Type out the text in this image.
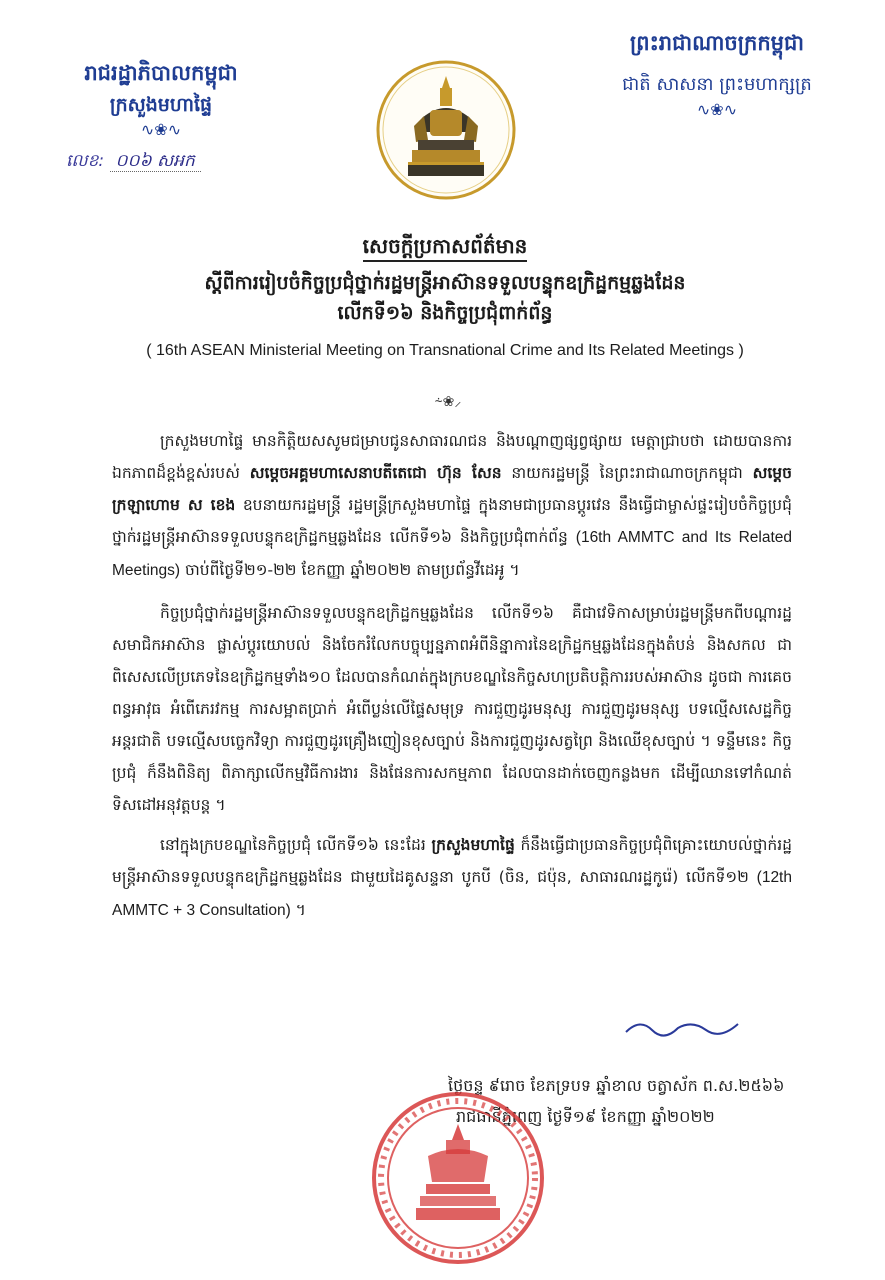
រាជរដ្ឋាភិបាលកម្ពុជា
ក្រសួងមហាផ្ទៃ
∿❀∿
លេខ: ០០៦ សអក
ព្រះរាជាណាចក្រកម្ពុជា
ជាតិ សាសនា ព្រះមហាក្សត្រ
∿❀∿
សេចក្តីប្រកាសព័ត៌មាន
ស្តីពីការរៀបចំកិច្ចប្រជុំថ្នាក់រដ្ឋមន្ត្រីអាស៊ានទទួលបន្ទុកឧក្រិដ្ឋកម្មឆ្លងដែន
លើកទី១៦ និងកិច្ចប្រជុំពាក់ព័ន្ធ
( 16th ASEAN Ministerial Meeting on Transnational Crime and Its Related Meetings )
⸞❀⸝

ក្រសួងមហាផ្ទៃ មានកិត្តិយសសូមជម្រាបជូនសាធារណជន និងបណ្តាញផ្សព្វផ្សាយ មេត្តាជ្រាបថា ដោយបានការឯកភាពដ៏ខ្ពង់ខ្ពស់របស់ សម្តេចអគ្គមហាសេនាបតីតេជោ ហ៊ុន សែន នាយករដ្ឋមន្ត្រី នៃព្រះរាជាណាចក្រកម្ពុជា សម្តេចក្រឡាហោម ស ខេង ឧបនាយករដ្ឋមន្ត្រី រដ្ឋមន្ត្រីក្រសួងមហាផ្ទៃ ក្នុងនាមជាប្រធានប្តូរវេន នឹងធ្វើជាម្ចាស់ផ្ទះរៀបចំកិច្ចប្រជុំថ្នាក់រដ្ឋមន្ត្រីអាស៊ានទទួលបន្ទុកឧក្រិដ្ឋកម្មឆ្លងដែន លើកទី១៦ និងកិច្ចប្រជុំពាក់ព័ន្ធ (16th AMMTC and Its Related Meetings) ចាប់ពីថ្ងៃទី២១-២២ ខែកញ្ញា ឆ្នាំ២០២២ តាមប្រព័ន្ធវីដេអូ ។

កិច្ចប្រជុំថ្នាក់រដ្ឋមន្ត្រីអាស៊ានទទួលបន្ទុកឧក្រិដ្ឋកម្មឆ្លងដែន លើកទី១៦ គឺជាវេទិកាសម្រាប់រដ្ឋមន្ត្រីមកពីបណ្តារដ្ឋសមាជិកអាស៊ាន ផ្លាស់ប្តូរយោបល់ និងចែករំលែកបច្ចុប្បន្នភាពអំពីនិន្នាការនៃឧក្រិដ្ឋកម្មឆ្លងដែនក្នុងតំបន់ និងសកល ជាពិសេសលើប្រភេទនៃឧក្រិដ្ឋកម្មទាំង១០ ដែលបានកំណត់ក្នុងក្របខណ្ឌនៃកិច្ចសហប្រតិបត្តិការរបស់អាស៊ាន ដូចជា ការគេចពន្ធអាវុធ អំពើភេរវកម្ម ការសម្អាតប្រាក់ អំពើប្លន់លើផ្ទៃសមុទ្រ ការជួញដូរមនុស្ស ការជួញដូរមនុស្ស បទល្មើសសេដ្ឋកិច្ចអន្តរជាតិ បទល្មើសបច្ចេកវិទ្យា ការជួញដូរគ្រឿងញៀនខុសច្បាប់ និងការជួញដូរសត្វព្រៃ និងឈើខុសច្បាប់ ។ ទន្ទឹមនេះ កិច្ចប្រជុំ ក៏នឹងពិនិត្យ ពិភាក្សាលើកម្មវិធីការងារ និងផែនការសកម្មភាព ដែលបានដាក់ចេញកន្លងមក ដើម្បីឈានទៅកំណត់ទិសដៅអនុវត្តបន្ត ។

នៅក្នុងក្របខណ្ឌនៃកិច្ចប្រជុំ លើកទី១៦ នេះដែរ ក្រសួងមហាផ្ទៃ ក៏នឹងធ្វើជាប្រធានកិច្ចប្រជុំពិគ្រោះយោបល់ថ្នាក់រដ្ឋមន្ត្រីអាស៊ានទទួលបន្ទុកឧក្រិដ្ឋកម្មឆ្លងដែន ជាមួយដៃគូសន្ទនា បូកបី (ចិន, ជប៉ុន, សាធារណរដ្ឋកូរ៉េ) លើកទី១២ (12th AMMTC + 3 Consultation) ។

ថ្ងៃចន្ទ ៩រោច ខែភទ្របទ ឆ្នាំខាល ចត្វាស័ក ព.ស.២៥៦៦
រាជធានីភ្នំពេញ ថ្ងៃទី១៩ ខែកញ្ញា ឆ្នាំ២០២២
